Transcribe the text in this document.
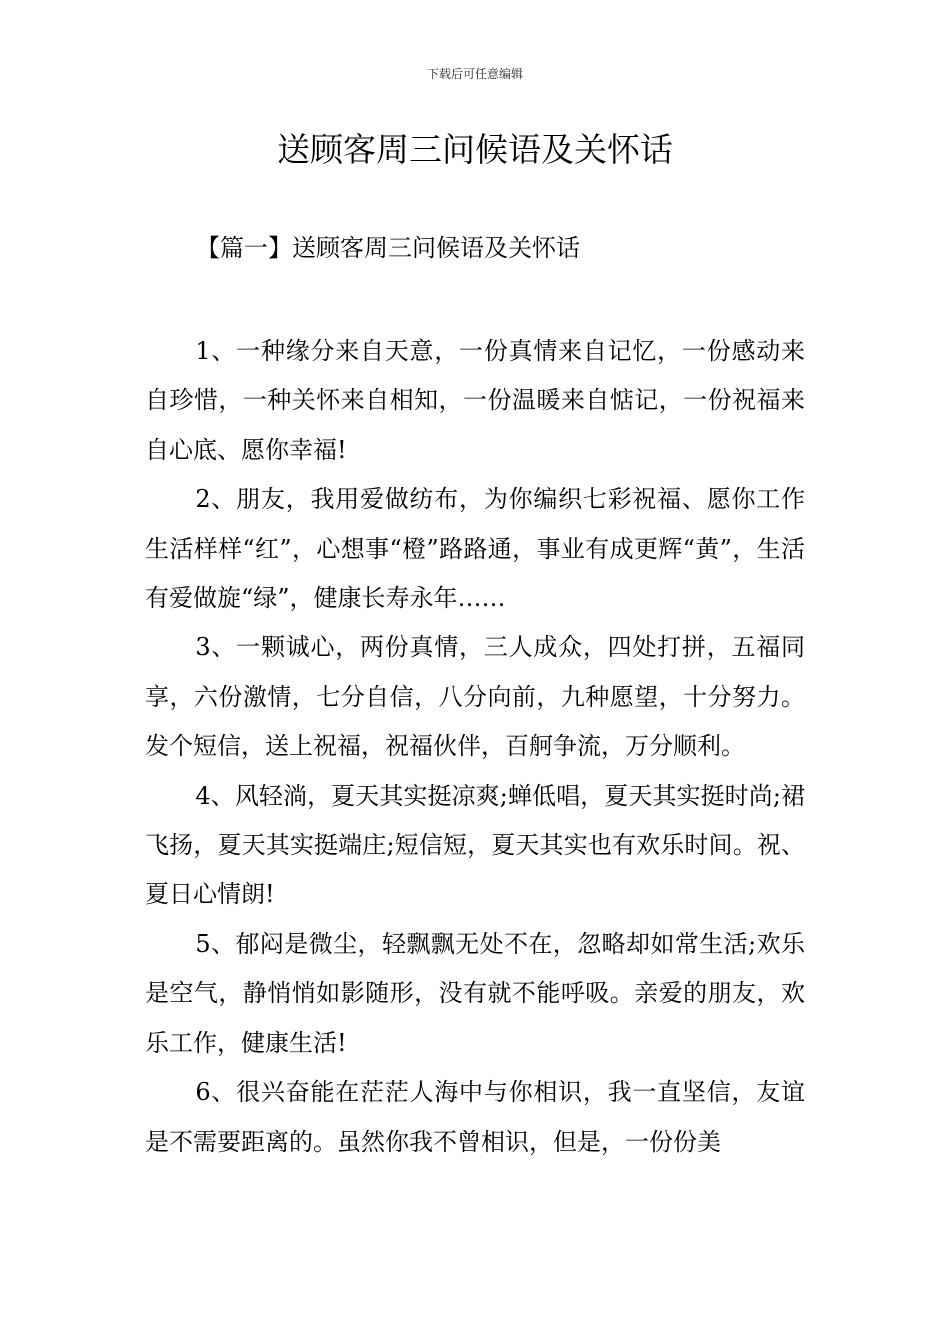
下载后可任意编辑
送顾客周三问候语及关怀话
【篇一】送顾客周三问候语及关怀话

1、一种缘分来自天意，一份真情来自记忆，一份感动来自珍惜，一种关怀来自相知，一份温暖来自惦记，一份祝福来自心底、愿你幸福!

2、朋友，我用爱做纺布，为你编织七彩祝福、愿你工作生活样样“红”，心想事“橙”路路通，事业有成更辉“黄”，生活有爱做旋“绿”，健康长寿永年……

3、一颗诚心，两份真情，三人成众，四处打拼，五福同享，六份激情，七分自信，八分向前，九种愿望，十分努力。发个短信，送上祝福，祝福伙伴，百舸争流，万分顺利。

4、风轻淌，夏天其实挺凉爽;蝉低唱，夏天其实挺时尚;裙飞扬，夏天其实挺端庄;短信短，夏天其实也有欢乐时间。祝、夏日心情朗!

5、郁闷是微尘，轻飘飘无处不在，忽略却如常生活;欢乐是空气，静悄悄如影随形，没有就不能呼吸。亲爱的朋友，欢乐工作，健康生活!

6、很兴奋能在茫茫人海中与你相识，我一直坚信，友谊是不需要距离的。虽然你我不曾相识，但是，一份份美
